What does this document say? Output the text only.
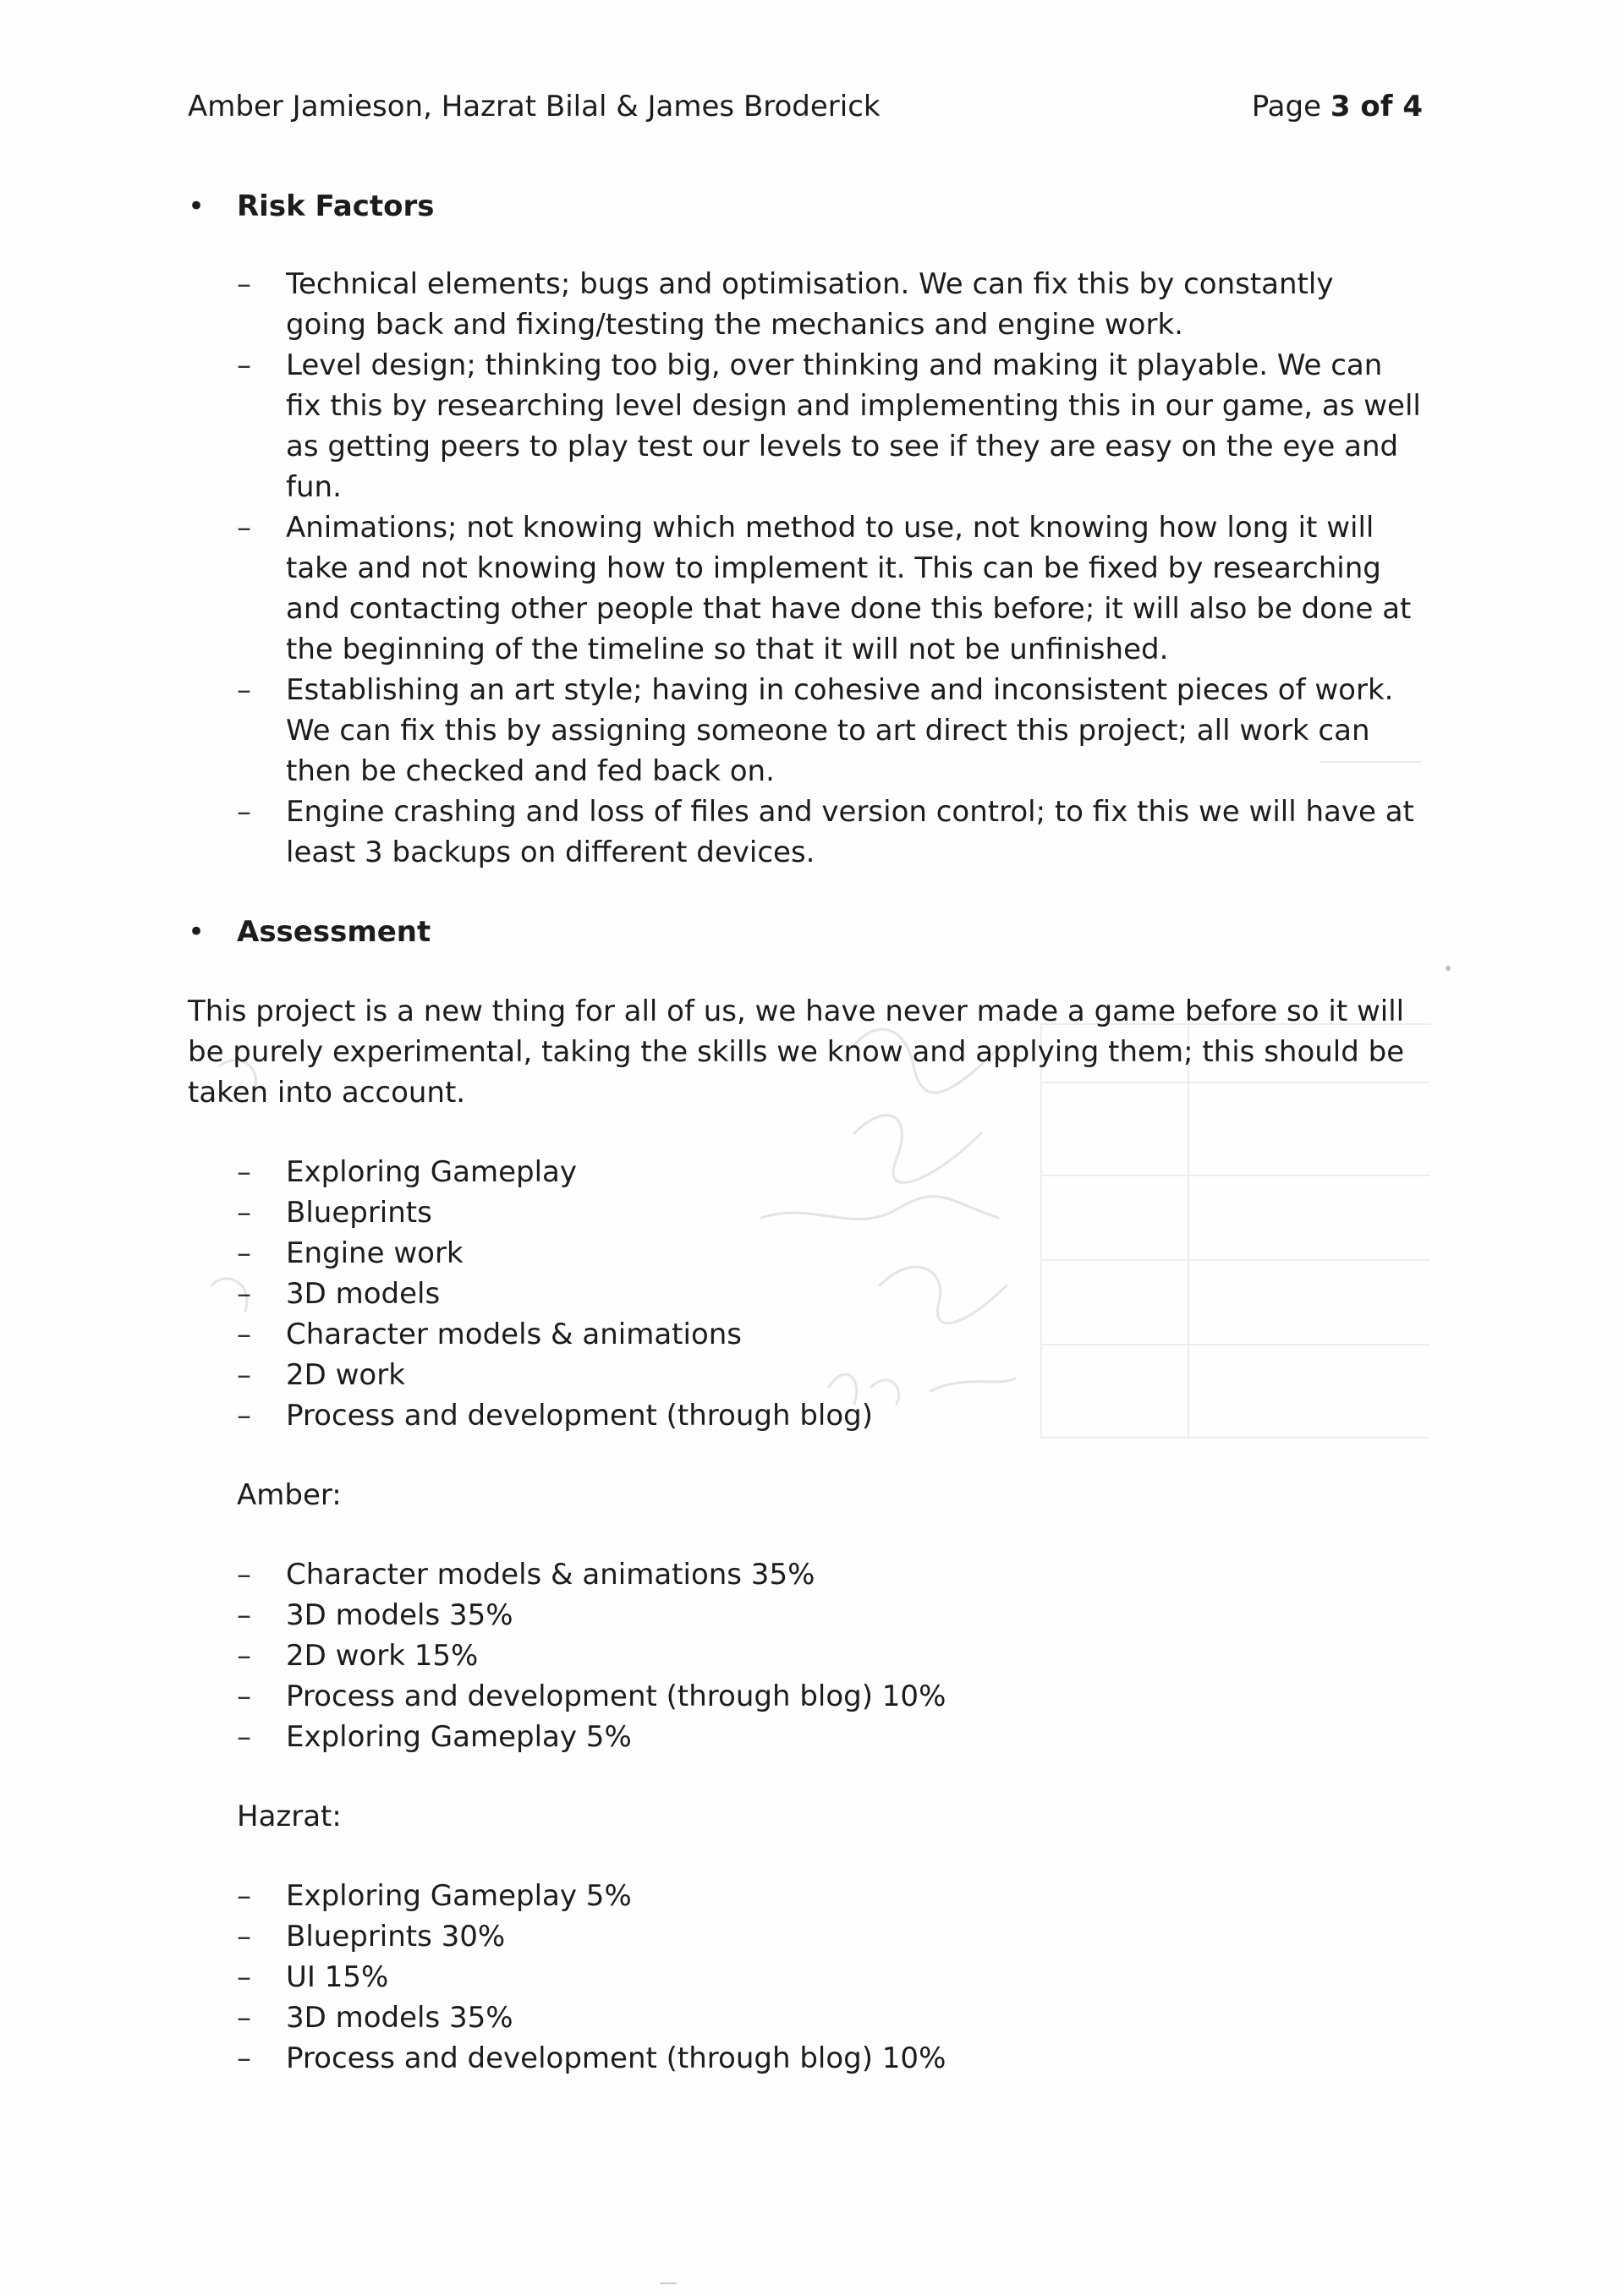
Amber Jamieson, Hazrat Bilal & James Broderick	Page 3 of 4
• Risk Factors
– Technical elements; bugs and optimisation. We can fix this by constantly going back and fixing/testing the mechanics and engine work.
– Level design; thinking too big, over thinking and making it playable. We can fix this by researching level design and implementing this in our game, as well as getting peers to play test our levels to see if they are easy on the eye and fun.
– Animations; not knowing which method to use, not knowing how long it will take and not knowing how to implement it. This can be fixed by researching and contacting other people that have done this before; it will also be done at the beginning of the timeline so that it will not be unfinished.
– Establishing an art style; having in cohesive and inconsistent pieces of work. We can fix this by assigning someone to art direct this project; all work can then be checked and fed back on.
– Engine crashing and loss of files and version control; to fix this we will have at least 3 backups on different devices.
• Assessment

This project is a new thing for all of us, we have never made a game before so it will be purely experimental, taking the skills we know and applying them; this should be taken into account.

– Exploring Gameplay
– Blueprints
– Engine work
– 3D models
– Character models & animations
– 2D work
– Process and development (through blog)

Amber:

– Character models & animations 35%
– 3D models 35%
– 2D work 15%
– Process and development (through blog) 10%
– Exploring Gameplay 5%

Hazrat:

– Exploring Gameplay 5%
– Blueprints 30%
– UI 15%
– 3D models 35%
– Process and development (through blog) 10%
